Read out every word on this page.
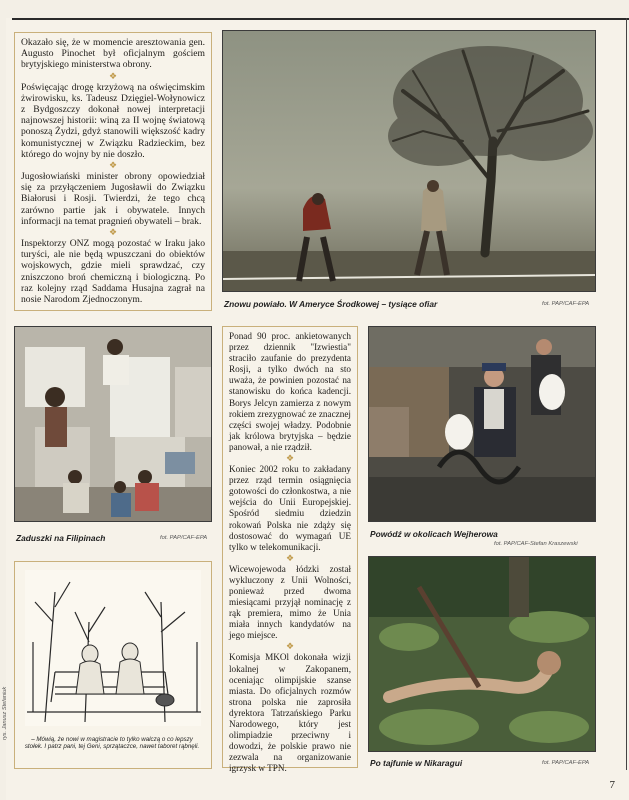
Okazało się, że w momencie aresztowania gen. Augusto Pinochet był oficjalnym gościem brytyjskiego ministerstwa obrony.

❖

Poświęcając drogę krzyżową na oświęcimskim żwirowisku, ks. Tadeusz Dzięgiel-Wołynowicz z Bydgoszczy dokonał nowej interpretacji najnowszej historii: winą za II wojnę światową ponoszą Żydzi, gdyż stanowili większość kadry komunistycznej w Związku Radzieckim, bez którego do wojny by nie doszło.

❖

Jugosłowiański minister obrony opowiedział się za przyłączeniem Jugosławii do Związku Białorusi i Rosji. Twierdzi, że tego chcą zarówno partie jak i obywatele. Innych informacji na temat pragnień obywateli – brak.

❖

Inspektorzy ONZ mogą pozostać w Iraku jako turyści, ale nie będą wpuszczani do obiektów wojskowych, gdzie mieli sprawdzać, czy zniszczono broń chemiczną i biologiczną. Po raz kolejny rząd Saddama Husajna zagrał na nosie Narodom Zjednoczonym.	Znowu powiało. W Ameryce Środkowej – tysiące ofiar	fot. PAP/CAF-EPA
Zaduszki na Filipinach	fot. PAP/CAF-EPA

Ponad 90 proc. ankietowanych przez dziennik "Izwiestia" straciło zaufanie do prezydenta Rosji, a tylko dwóch na sto uważa, że powinien pozostać na stanowisku do końca kadencji. Borys Jelcyn zamierza z nowym rokiem zrezygnować ze znacznej części swojej władzy. Podobnie jak królowa brytyjska – będzie panował, a nie rządził.

❖

Koniec 2002 roku to zakładany przez rząd termin osiągnięcia gotowości do członkostwa, a nie wejścia do Unii Europejskiej. Spośród siedmiu dziedzin rokowań Polska nie zdąży się dostosować do wymagań UE tylko w telekomunikacji.

❖

Wicewojewoda łódzki został wykluczony z Unii Wolności, ponieważ przed dwoma miesiącami przyjął nominację z rąk premiera, mimo że Unia miała innych kandydatów na jego miejsce.

❖

Komisja MKOl dokonała wizji lokalnej w Zakopanem, oceniając olimpijskie szanse miasta. Do oficjalnych rozmów strona polska nie zaprosiła dyrektora Tatrzańskiego Parku Narodowego, który jest olimpiadzie przeciwny i dowodzi, że polskie prawo nie zezwala na organizowanie igrzysk w TPN.

Powódź w okolicach Wejherowa
fot. PAP/CAF-Stefan Kraszewski
Po tajfunie w Nikaragui	fot. PAP/CAF-EPA
– Mówią, że nowi w magistracie to tylko walczą o co lepszy stołek. I patrz pani, tej Geni, sprzątaczce, nawet taboret rąbnęli.
rys. Janusz Stefaniuk
7
